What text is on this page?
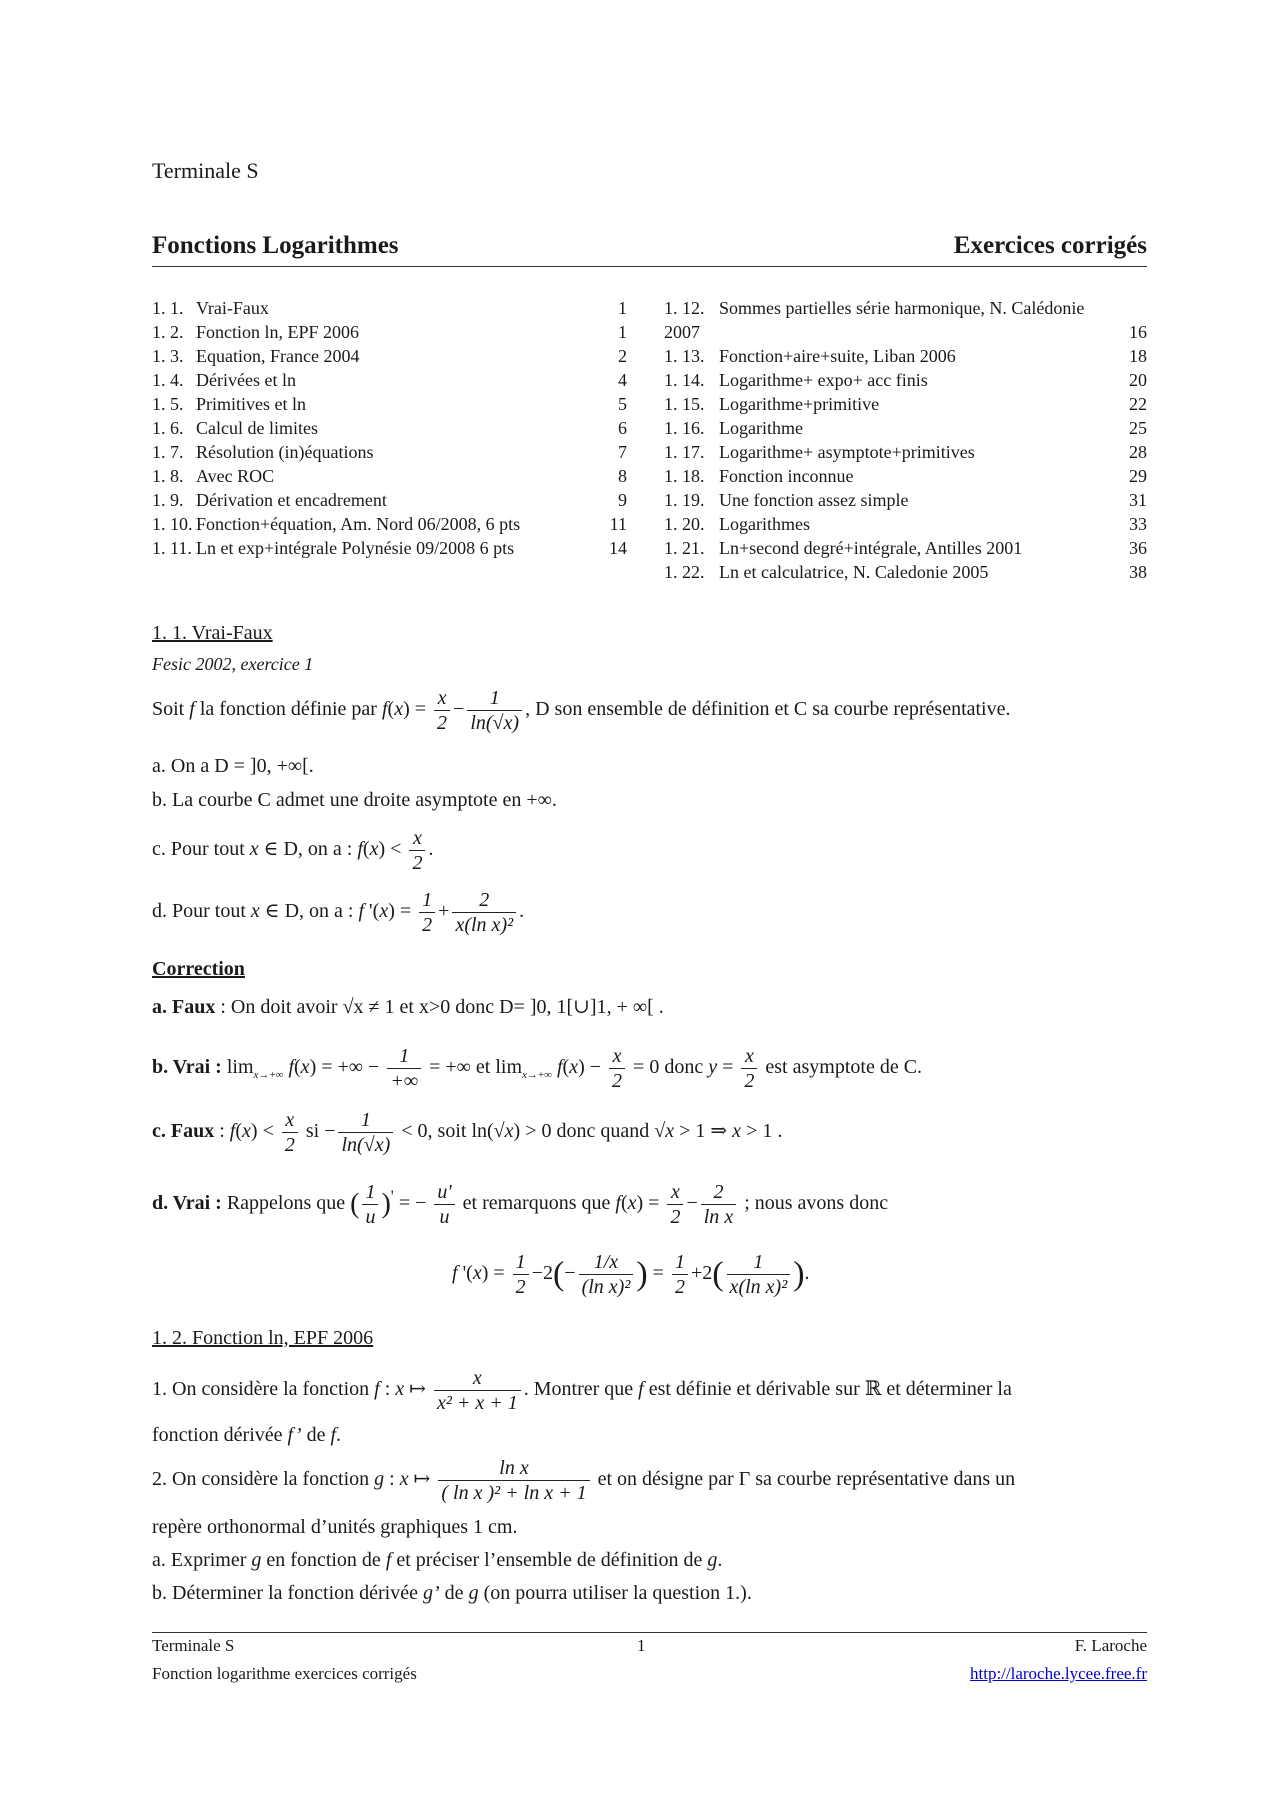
Terminale S
Fonctions Logarithmes	Exercices corrigés
1. 1. Vrai-Faux	1
1. 2. Fonction ln, EPF 2006	1
1. 3. Equation, France 2004	2
1. 4. Dérivées et ln	4
1. 5. Primitives et ln	5
1. 6. Calcul de limites	6
1. 7. Résolution (in)équations	7
1. 8. Avec ROC	8
1. 9. Dérivation et encadrement	9
1. 10. Fonction+équation, Am. Nord 06/2008, 6 pts	11
1. 11. Ln et exp+intégrale Polynésie 09/2008 6 pts	14
1. 12. Sommes partielles série harmonique, N. Calédonie
2007	16
1. 13. Fonction+aire+suite, Liban 2006	18
1. 14. Logarithme+ expo+ acc finis	20
1. 15. Logarithme+primitive	22
1. 16. Logarithme	25
1. 17. Logarithme+ asymptote+primitives	28
1. 18. Fonction inconnue	29
1. 19. Une fonction assez simple	31
1. 20. Logarithmes	33
1. 21. Ln+second degré+intégrale, Antilles 2001	36
1. 22. Ln et calculatrice, N. Caledonie 2005	38
1. 1. Vrai-Faux
Fesic 2002, exercice 1
Soit f la fonction définie par $f(x) = \frac{x}{2} - \frac{1}{\ln(√x)}$ , D son ensemble de définition et C sa courbe représentative.
a. On a D = ]0, +∞[.
b. La courbe C admet une droite asymptote en +∞.
c. Pour tout x ∈ D, on a : $f(x) < \frac{x}{2}$ .
d. Pour tout x ∈ D, on a : f '$(x) = \frac{1}{2} + \frac{2}{\text{x(ln x)²}}$ .
Correction
a. Faux : On doit avoir √x ≠ 1 et x>0 donc D= ]0, 1[∪]1, + ∞[ .
b. Vrai : $\lim_{x\to+\infty} f(x)$ = +∞ − $\frac{1}{+\infty}$ = +∞ et $\lim_{x\to+\infty} f(x) - \frac{x}{2} = 0$ donc $y = \frac{x}{2}$ est asymptote de C.
c. Faux : $f(x) < \frac{x}{2}$ si − $\frac{1}{\ln(√x)} < 0$, soit ln(√x) > 0 donc quand √x > 1 ⇒ x > 1 .
d. Vrai : Rappelons que ( $\frac{1}{u} )'$ = − $\frac{u'}{u}$ et remarquons que $f(x) = \frac{x}{2} - \frac{2}{\text{ln x}}$ ; nous avons donc
f '$(x) = \frac{1}{2} -2(- \frac{1/x}{\text{(ln x)²}}$ ) = $\frac{1}{2} +2( \frac{1}{\text{x(ln x)²}}$ ).
1. 2. Fonction ln, EPF 2006
1. On considère la fonction f : x ↦ $\frac{x}{\text{x² + x + 1}}$ . Montrer que f est définie et dérivable sur ℝ et déterminer la
fonction dérivée f’ de f.
2. On considère la fonction g : x ↦ $\frac{\text{ln x}}{\text{( ln x )² + ln x + 1}}$ et on désigne par Γ sa courbe représentative dans un
repère orthonormal d’unités graphiques 1 cm.
a. Exprimer g en fonction de f et préciser l’ensemble de définition de g.
b. Déterminer la fonction dérivée g’ de g (on pourra utiliser la question 1.).
Terminale S	1	F. Laroche
Fonction logarithme exercices corrigés	http://laroche.lycee.free.fr
